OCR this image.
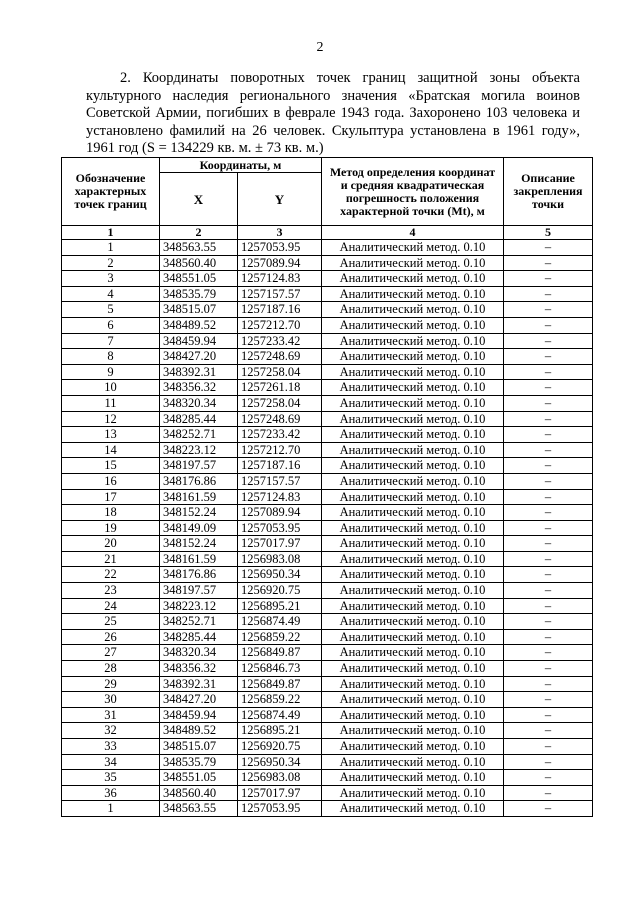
2

2. Координаты поворотных точек границ защитной зоны объекта культурного наследия регионального значения «Братская могила воинов Советской Армии, погибших в феврале 1943 года. Захоронено 103 человека и установлено фамилий на 26 человек. Скульптура установлена в 1961 году», 1961 год (S = 134229 кв. м. ± 73 кв. м.)

Обозначение характерных точек границ	Координаты, м		Метод определения координат и средняя квадратическая погрешность положения характерной точки (Mt), м	Описание закрепления точки
	X	Y		
1	2	3	4	5
1	348563.55	1257053.95	Аналитический метод. 0.10	–
2	348560.40	1257089.94	Аналитический метод. 0.10	–
3	348551.05	1257124.83	Аналитический метод. 0.10	–
4	348535.79	1257157.57	Аналитический метод. 0.10	–
5	348515.07	1257187.16	Аналитический метод. 0.10	–
6	348489.52	1257212.70	Аналитический метод. 0.10	–
7	348459.94	1257233.42	Аналитический метод. 0.10	–
8	348427.20	1257248.69	Аналитический метод. 0.10	–
9	348392.31	1257258.04	Аналитический метод. 0.10	–
10	348356.32	1257261.18	Аналитический метод. 0.10	–
11	348320.34	1257258.04	Аналитический метод. 0.10	–
12	348285.44	1257248.69	Аналитический метод. 0.10	–
13	348252.71	1257233.42	Аналитический метод. 0.10	–
14	348223.12	1257212.70	Аналитический метод. 0.10	–
15	348197.57	1257187.16	Аналитический метод. 0.10	–
16	348176.86	1257157.57	Аналитический метод. 0.10	–
17	348161.59	1257124.83	Аналитический метод. 0.10	–
18	348152.24	1257089.94	Аналитический метод. 0.10	–
19	348149.09	1257053.95	Аналитический метод. 0.10	–
20	348152.24	1257017.97	Аналитический метод. 0.10	–
21	348161.59	1256983.08	Аналитический метод. 0.10	–
22	348176.86	1256950.34	Аналитический метод. 0.10	–
23	348197.57	1256920.75	Аналитический метод. 0.10	–
24	348223.12	1256895.21	Аналитический метод. 0.10	–
25	348252.71	1256874.49	Аналитический метод. 0.10	–
26	348285.44	1256859.22	Аналитический метод. 0.10	–
27	348320.34	1256849.87	Аналитический метод. 0.10	–
28	348356.32	1256846.73	Аналитический метод. 0.10	–
29	348392.31	1256849.87	Аналитический метод. 0.10	–
30	348427.20	1256859.22	Аналитический метод. 0.10	–
31	348459.94	1256874.49	Аналитический метод. 0.10	–
32	348489.52	1256895.21	Аналитический метод. 0.10	–
33	348515.07	1256920.75	Аналитический метод. 0.10	–
34	348535.79	1256950.34	Аналитический метод. 0.10	–
35	348551.05	1256983.08	Аналитический метод. 0.10	–
36	348560.40	1257017.97	Аналитический метод. 0.10	–
1	348563.55	1257053.95	Аналитический метод. 0.10	–
